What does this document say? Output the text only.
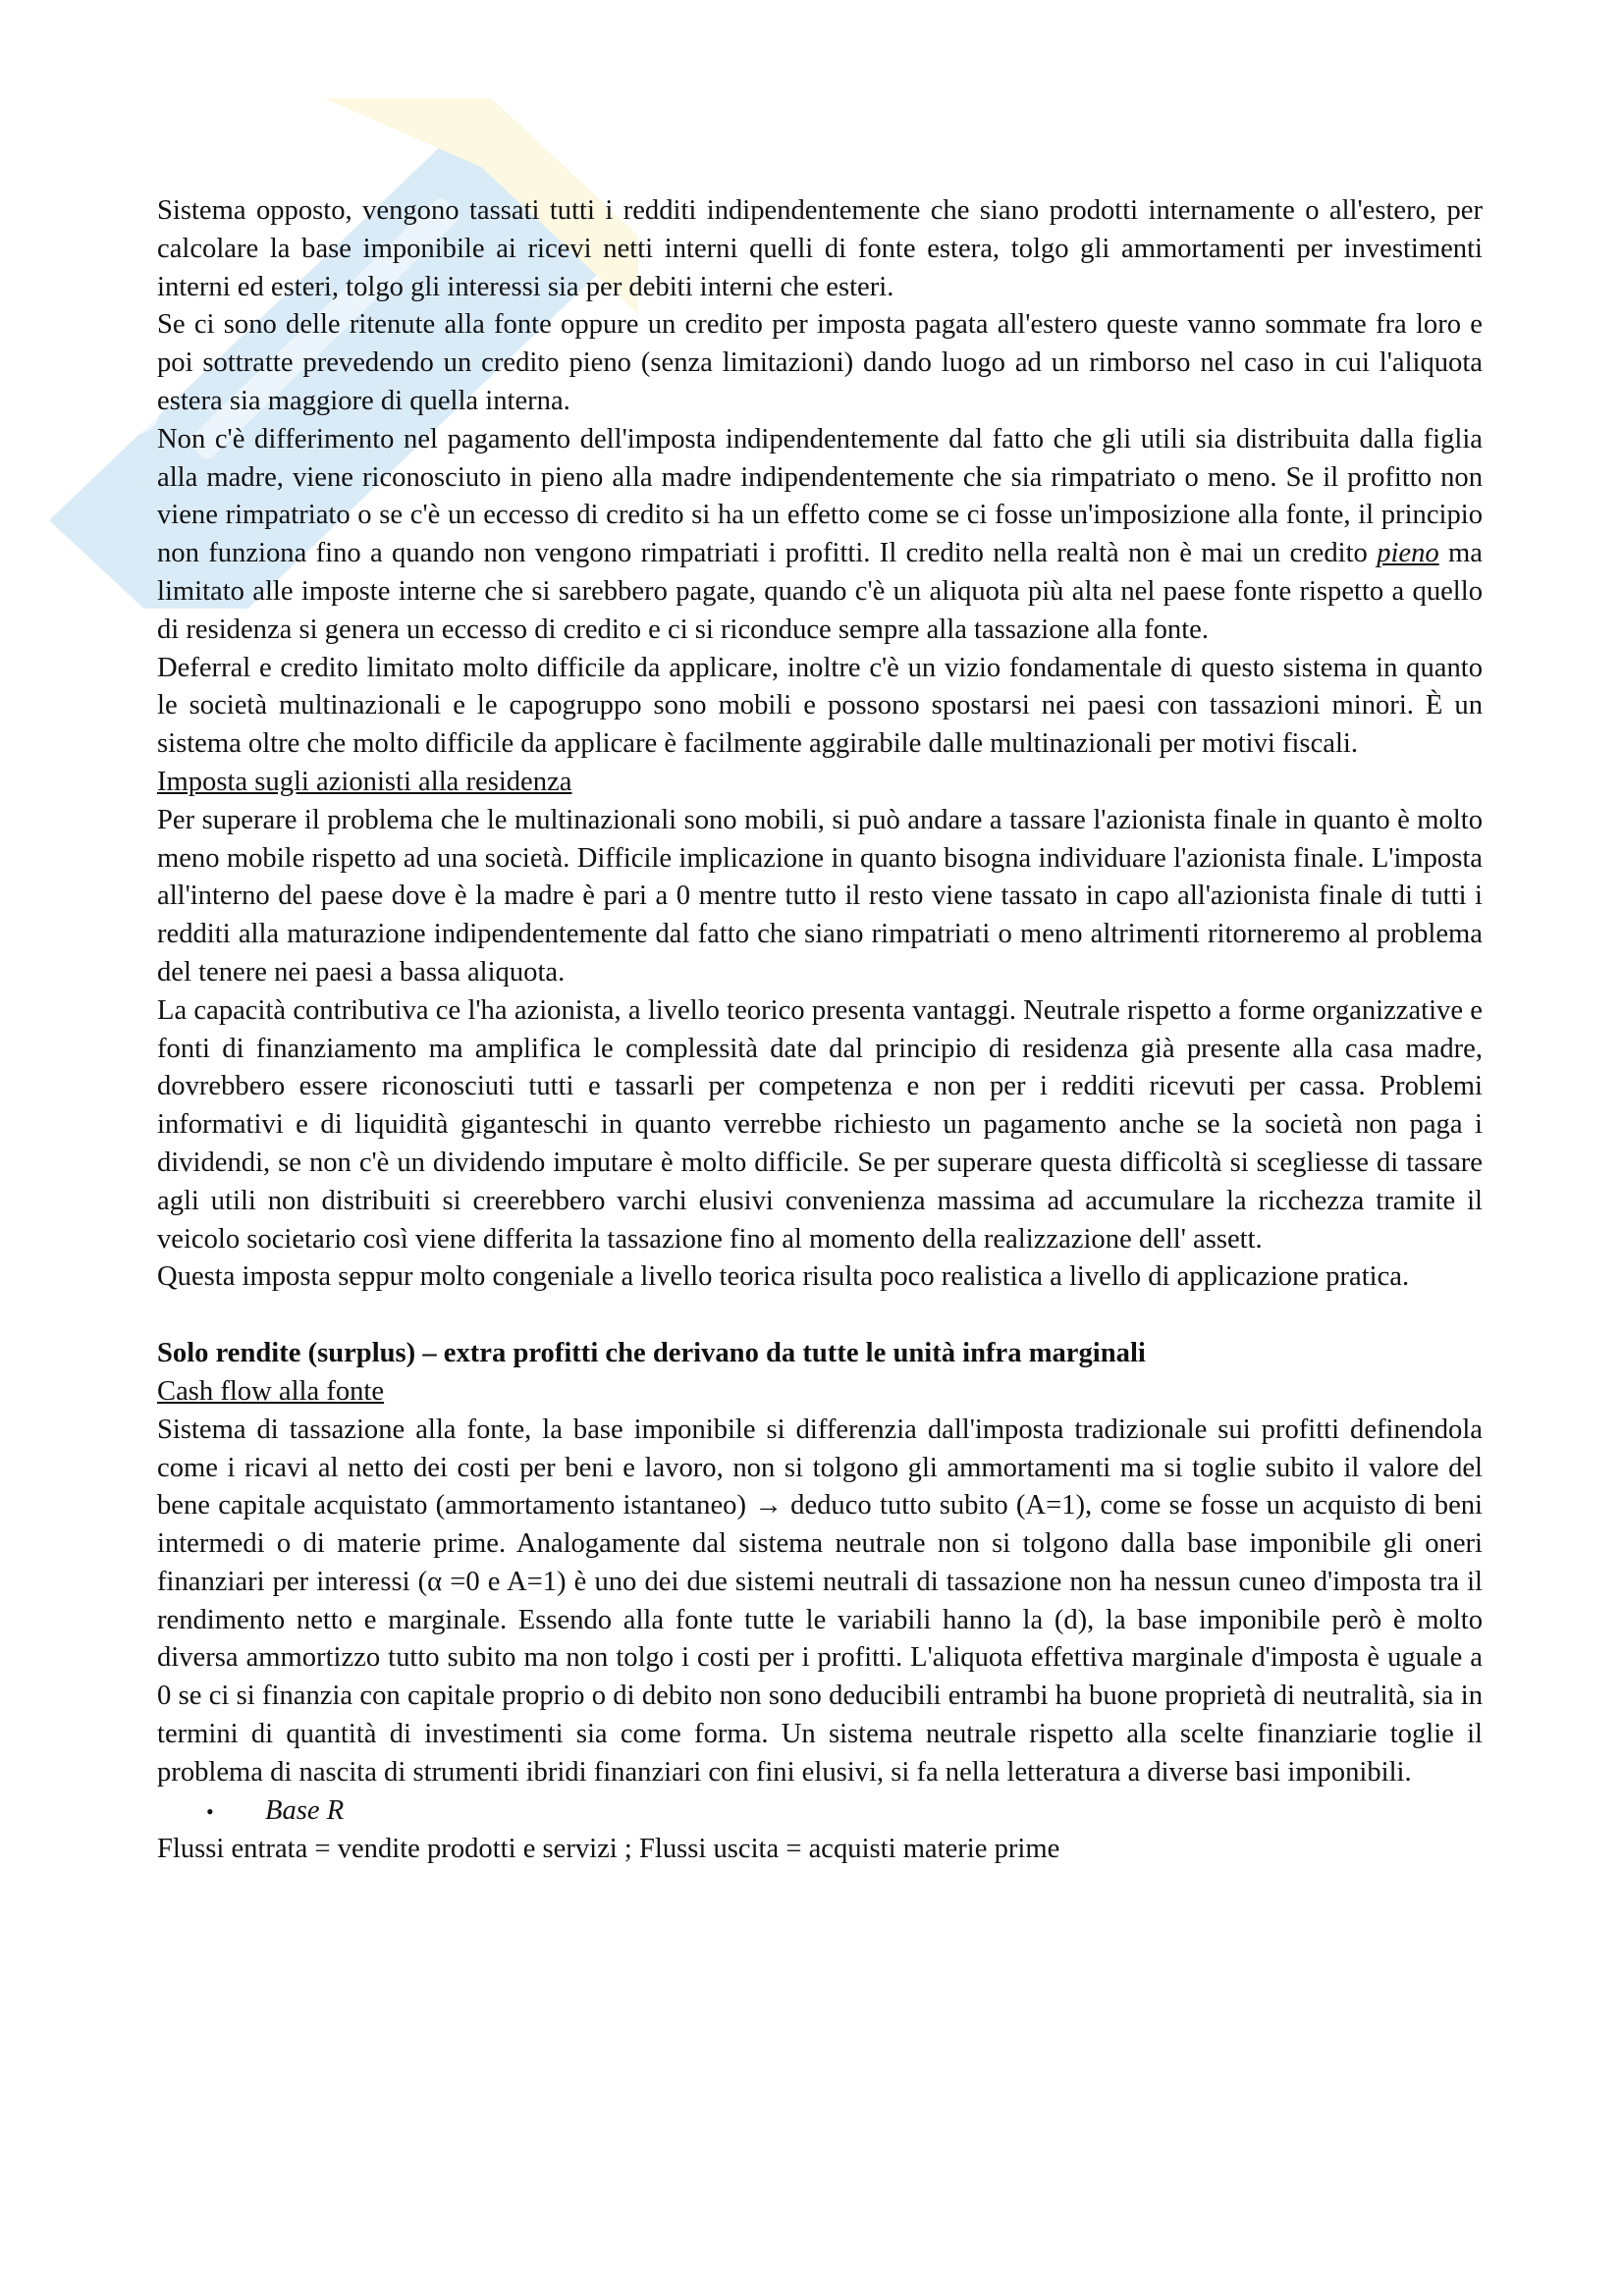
Sistema opposto, vengono tassati tutti i redditi indipendentemente che siano prodotti internamente o all'estero, per calcolare la base imponibile ai ricevi netti interni quelli di fonte estera, tolgo gli ammortamenti per investimenti interni ed esteri, tolgo gli interessi sia per debiti interni che esteri.

Se ci sono delle ritenute alla fonte oppure un credito per imposta pagata all'estero queste vanno sommate fra loro e poi sottratte prevedendo un credito pieno (senza limitazioni) dando luogo ad un rimborso nel caso in cui l'aliquota estera sia maggiore di quella interna.

Non c'è differimento nel pagamento dell'imposta indipendentemente dal fatto che gli utili sia distribuita dalla figlia alla madre, viene riconosciuto in pieno alla madre indipendentemente che sia rimpatriato o meno. Se il profitto non viene rimpatriato o se c'è un eccesso di credito si ha un effetto come se ci fosse un'imposizione alla fonte, il principio non funziona fino a quando non vengono rimpatriati i profitti. Il credito nella realtà non è mai un credito pieno ma limitato alle imposte interne che si sarebbero pagate, quando c'è un aliquota più alta nel paese fonte rispetto a quello di residenza si genera un eccesso di credito e ci si riconduce sempre alla tassazione alla fonte.

Deferral e credito limitato molto difficile da applicare, inoltre c'è un vizio fondamentale di questo sistema in quanto le società multinazionali e le capogruppo sono mobili e possono spostarsi nei paesi con tassazioni minori. È un sistema oltre che molto difficile da applicare è facilmente aggirabile dalle multinazionali per motivi fiscali.

Imposta sugli azionisti alla residenza

Per superare il problema che le multinazionali sono mobili, si può andare a tassare l'azionista finale in quanto è molto meno mobile rispetto ad una società. Difficile implicazione in quanto bisogna individuare l'azionista finale. L'imposta all'interno del paese dove è la madre è pari a 0 mentre tutto il resto viene tassato in capo all'azionista finale di tutti i redditi alla maturazione indipendentemente dal fatto che siano rimpatriati o meno altrimenti ritorneremo al problema del tenere nei paesi a bassa aliquota.

La capacità contributiva ce l'ha azionista, a livello teorico presenta vantaggi. Neutrale rispetto a forme organizzative e fonti di finanziamento ma amplifica le complessità date dal principio di residenza già presente alla casa madre, dovrebbero essere riconosciuti tutti e tassarli per competenza e non per i redditi ricevuti per cassa. Problemi informativi e di liquidità giganteschi in quanto verrebbe richiesto un pagamento anche se la società non paga i dividendi, se non c'è un dividendo imputare è molto difficile. Se per superare questa difficoltà si scegliesse di tassare agli utili non distribuiti si creerebbero varchi elusivi convenienza massima ad accumulare la ricchezza tramite il veicolo societario così viene differita la tassazione fino al momento della realizzazione dell' assett.

Questa imposta seppur molto congeniale a livello teorica risulta poco realistica a livello di applicazione pratica.

Solo rendite (surplus) – extra profitti che derivano da tutte le unità infra marginali

Cash flow alla fonte

Sistema di tassazione alla fonte, la base imponibile si differenzia dall'imposta tradizionale sui profitti definendola come i ricavi al netto dei costi per beni e lavoro, non si tolgono gli ammortamenti ma si toglie subito il valore del bene capitale acquistato (ammortamento istantaneo) → deduco tutto subito (A=1), come se fosse un acquisto di beni intermedi o di materie prime. Analogamente dal sistema neutrale non si tolgono dalla base imponibile gli oneri finanziari per interessi (α =0 e A=1) è uno dei due sistemi neutrali di tassazione non ha nessun cuneo d'imposta tra il rendimento netto e marginale. Essendo alla fonte tutte le variabili hanno la (d), la base imponibile però è molto diversa ammortizzo tutto subito ma non tolgo i costi per i profitti. L'aliquota effettiva marginale d'imposta è uguale a 0 se ci si finanzia con capitale proprio o di debito non sono deducibili entrambi ha buone proprietà di neutralità, sia in termini di quantità di investimenti sia come forma. Un sistema neutrale rispetto alla scelte finanziarie toglie il problema di nascita di strumenti ibridi finanziari con fini elusivi, si fa nella letteratura a diverse basi imponibili.

•	Base R

Flussi entrata = vendite prodotti e servizi ; Flussi uscita = acquisti materie prime
